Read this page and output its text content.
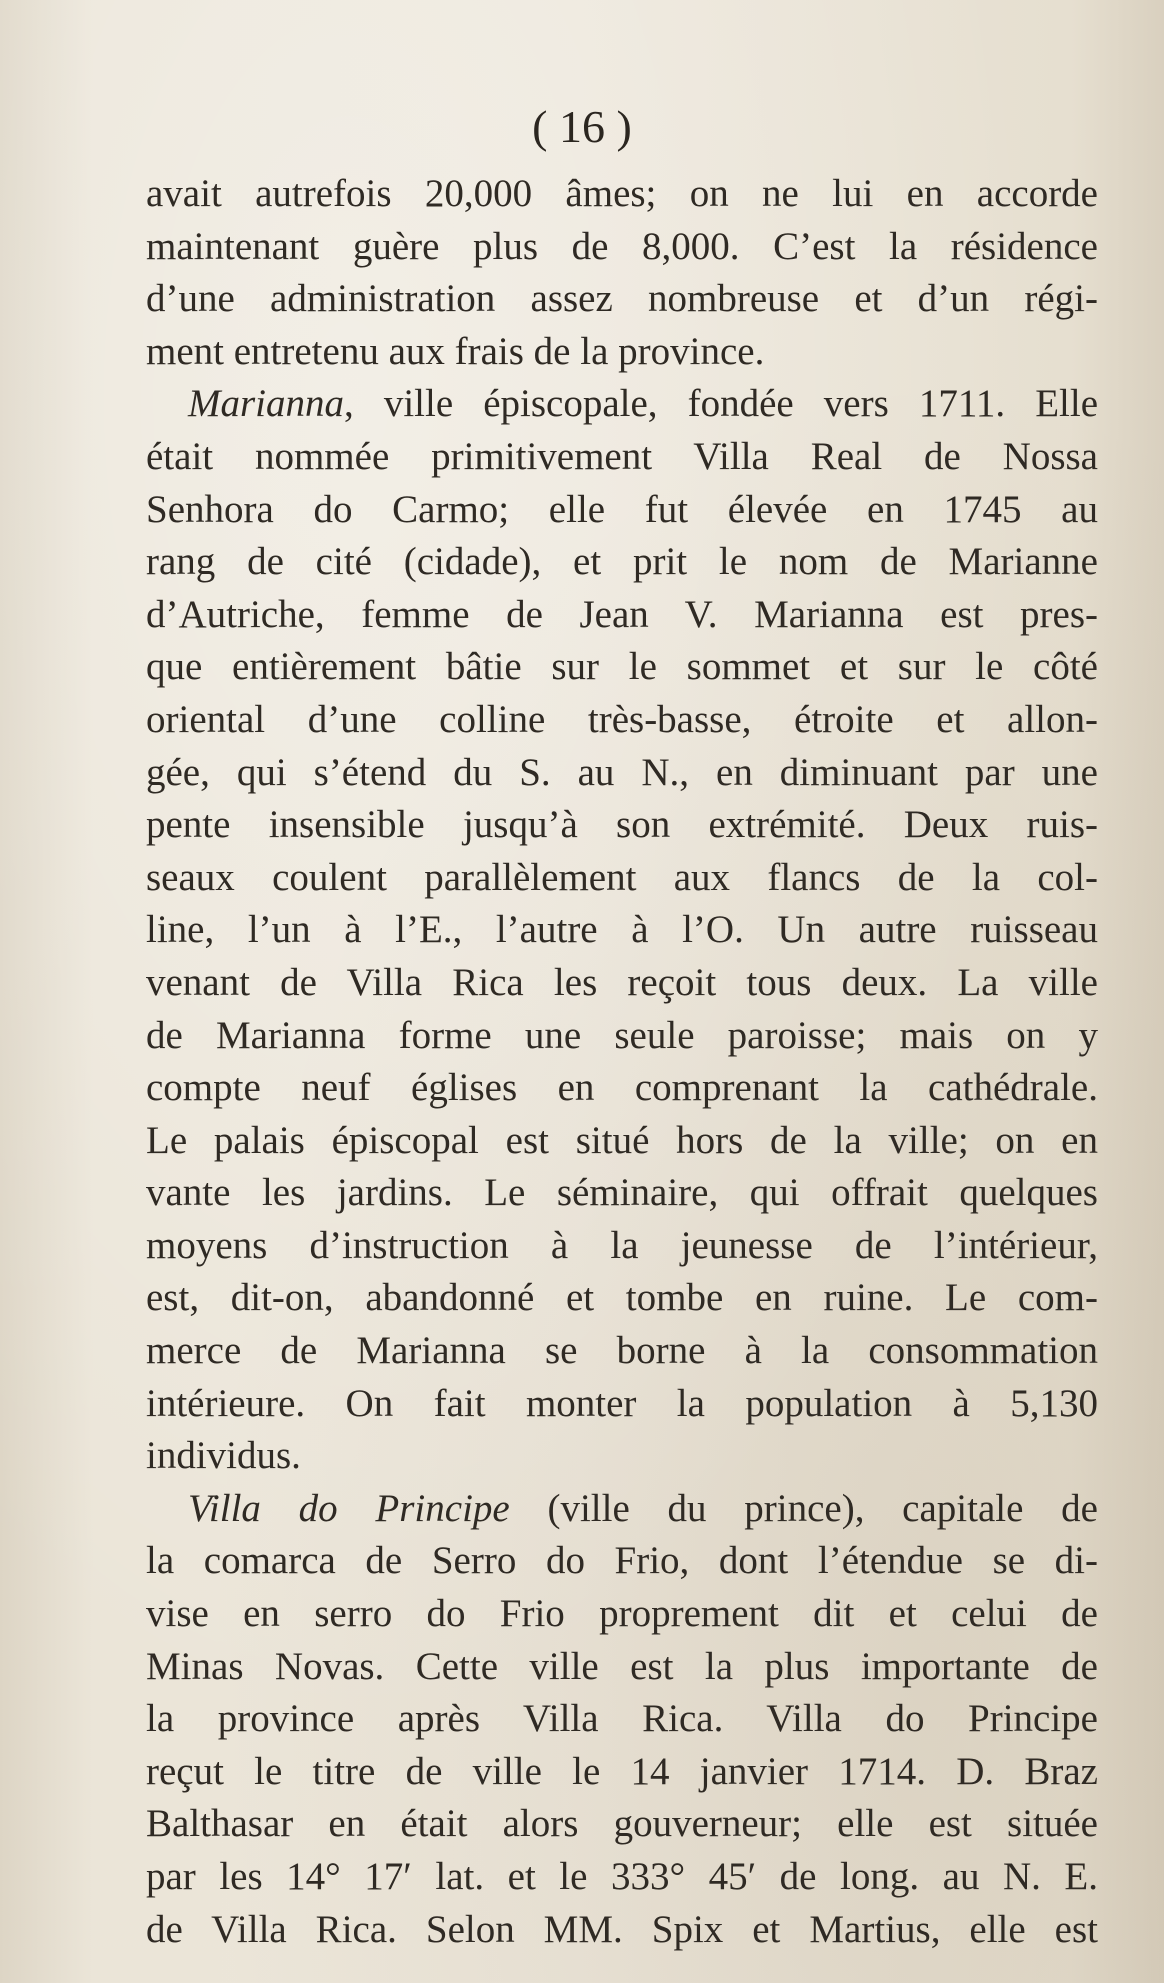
( 16 )
avait autrefois 20,000 âmes; on ne lui en accorde
maintenant guère plus de 8,000. C’est la résidence
d’une administration assez nombreuse et d’un régi-
ment entretenu aux frais de la province.
Marianna, ville épiscopale, fondée vers 1711. Elle
était nommée primitivement Villa Real de Nossa
Senhora do Carmo; elle fut élevée en 1745 au
rang de cité (cidade), et prit le nom de Marianne
d’Autriche, femme de Jean V. Marianna est pres-
que entièrement bâtie sur le sommet et sur le côté
oriental d’une colline très-basse, étroite et allon-
gée, qui s’étend du S. au N., en diminuant par une
pente insensible jusqu’à son extrémité. Deux ruis-
seaux coulent parallèlement aux flancs de la col-
line, l’un à l’E., l’autre à l’O. Un autre ruisseau
venant de Villa Rica les reçoit tous deux. La ville
de Marianna forme une seule paroisse; mais on y
compte neuf églises en comprenant la cathédrale.
Le palais épiscopal est situé hors de la ville; on en
vante les jardins. Le séminaire, qui offrait quelques
moyens d’instruction à la jeunesse de l’intérieur,
est, dit-on, abandonné et tombe en ruine. Le com-
merce de Marianna se borne à la consommation
intérieure. On fait monter la population à 5,130
individus.
Villa do Principe (ville du prince), capitale de
la comarca de Serro do Frio, dont l’étendue se di-
vise en serro do Frio proprement dit et celui de
Minas Novas. Cette ville est la plus importante de
la province après Villa Rica. Villa do Principe
reçut le titre de ville le 14 janvier 1714. D. Braz
Balthasar en était alors gouverneur; elle est située
par les 14° 17′ lat. et le 333° 45′ de long. au N. E.
de Villa Rica. Selon MM. Spix et Martius, elle est
